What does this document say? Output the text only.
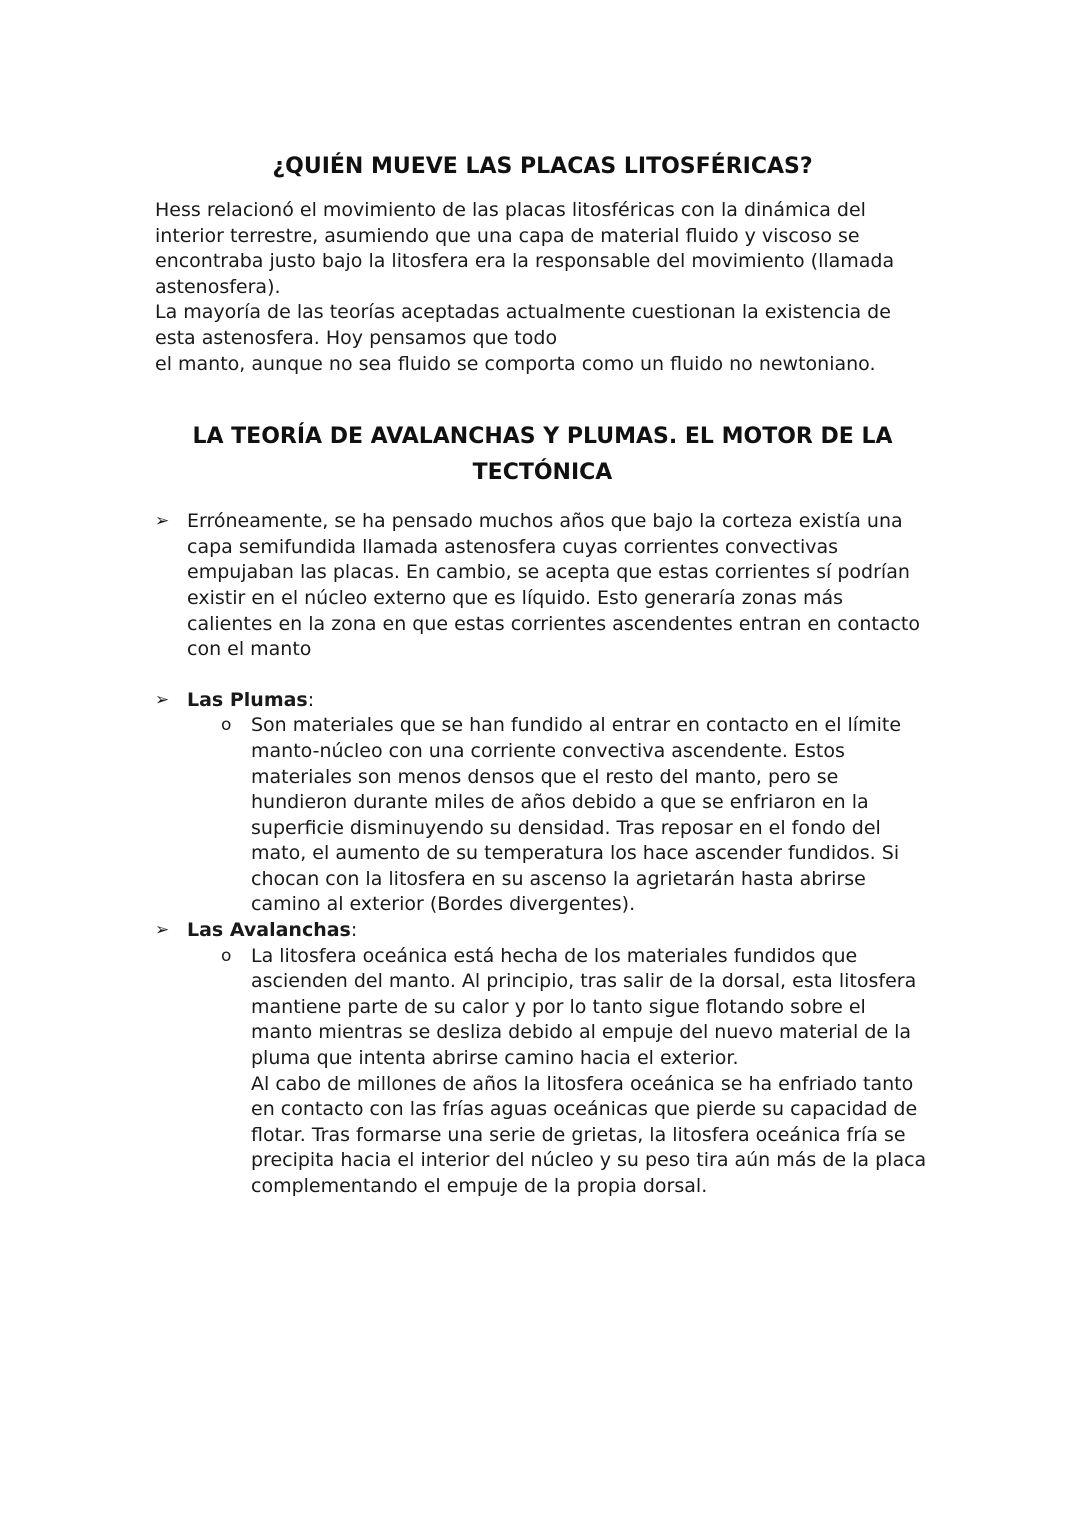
¿QUIÉN MUEVE LAS PLACAS LITOSFÉRICAS?

Hess relacionó el movimiento de las placas litosféricas con la dinámica del interior terrestre, asumiendo que una capa de material fluido y viscoso se encontraba justo bajo la litosfera era la responsable del movimiento (llamada astenosfera).

La mayoría de las teorías aceptadas actualmente cuestionan la existencia de esta astenosfera. Hoy pensamos que todo

el manto, aunque no sea fluido se comporta como un fluido no newtoniano.

LA TEORÍA DE AVALANCHAS Y PLUMAS. EL MOTOR DE LA TECTÓNICA
➢ Erróneamente, se ha pensado muchos años que bajo la corteza existía una capa semifundida llamada astenosfera cuyas corrientes convectivas empujaban las placas. En cambio, se acepta que estas corrientes sí podrían existir en el núcleo externo que es líquido. Esto generaría zonas más calientes en la zona en que estas corrientes ascendentes entran en contacto con el manto
➢ Las Plumas:
o Son materiales que se han fundido al entrar en contacto en el límite manto-núcleo con una corriente convectiva ascendente. Estos materiales son menos densos que el resto del manto, pero se hundieron durante miles de años debido a que se enfriaron en la superficie disminuyendo su densidad. Tras reposar en el fondo del mato, el aumento de su temperatura los hace ascender fundidos. Si chocan con la litosfera en su ascenso la agrietarán hasta abrirse camino al exterior (Bordes divergentes).
➢ Las Avalanchas:
o La litosfera oceánica está hecha de los materiales fundidos que ascienden del manto. Al principio, tras salir de la dorsal, esta litosfera mantiene parte de su calor y por lo tanto sigue flotando sobre el manto mientras se desliza debido al empuje del nuevo material de la pluma que intenta abrirse camino hacia el exterior.
Al cabo de millones de años la litosfera oceánica se ha enfriado tanto en contacto con las frías aguas oceánicas que pierde su capacidad de flotar. Tras formarse una serie de grietas, la litosfera oceánica fría se precipita hacia el interior del núcleo y su peso tira aún más de la placa complementando el empuje de la propia dorsal.
